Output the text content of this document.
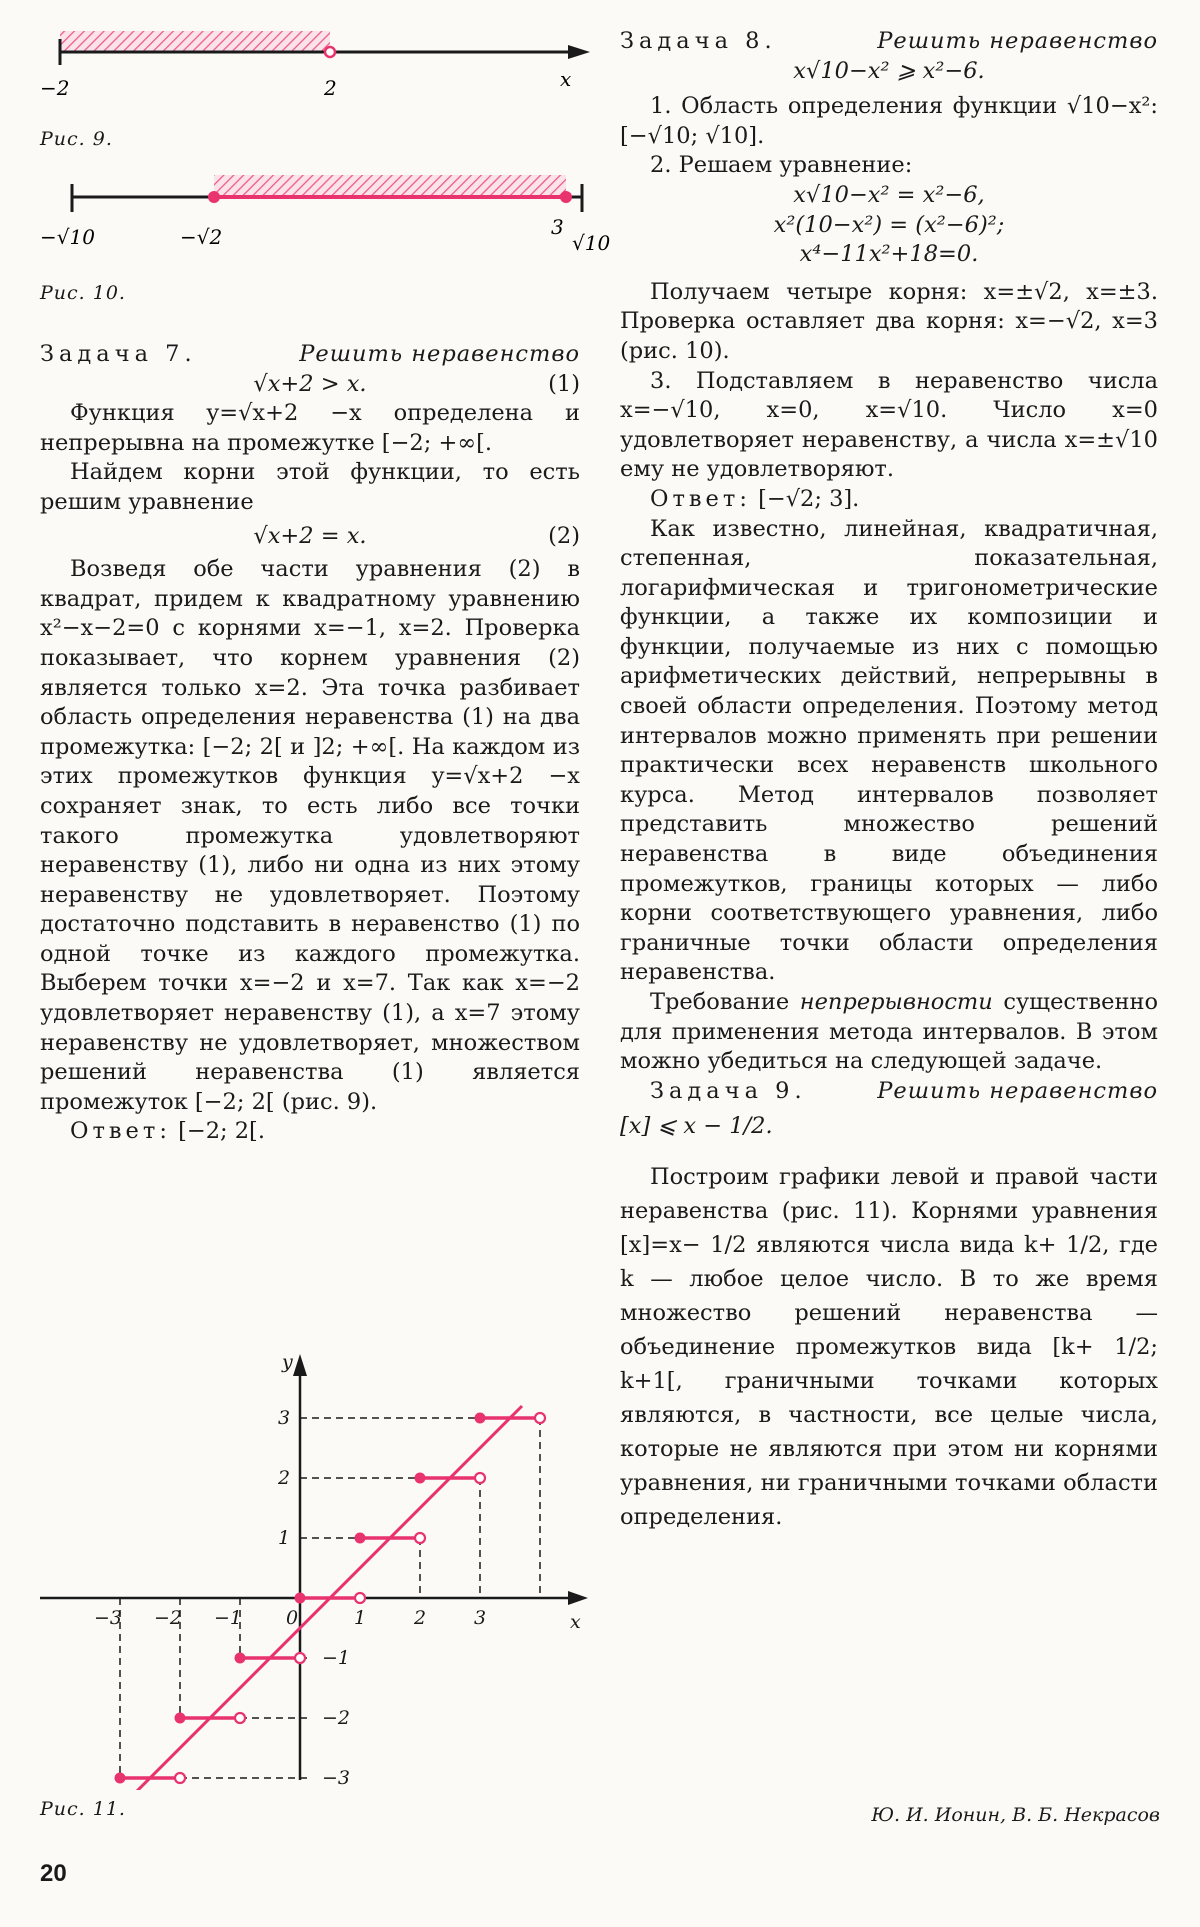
−2	2	x
Рис. 9.
−√10	−√2	3
√10
Рис. 10.

Задача 7.	Решить неравенство

√x+2 > x.	(1)

Функция y=√x+2 −x определена и непрерывна на промежутке [−2; +∞[.

Найдем корни этой функции, то есть решим уравнение

√x+2 = x.	(2)

Возведя обе части уравнения (2) в квадрат, придем к квадратному уравнению x²−x−2=0 с корнями x=−1, x=2. Проверка показывает, что корнем уравнения (2) является только x=2. Эта точка разбивает область определения неравенства (1) на два промежутка: [−2; 2[ и ]2; +∞[. На каждом из этих промежутков функция y=√x+2 −x сохраняет знак, то есть либо все точки такого промежутка удовлетворяют неравенству (1), либо ни одна из них этому неравенству не удовлетворяет. Поэтому достаточно подставить в неравенство (1) по одной точке из каждого промежутка. Выберем точки x=−2 и x=7. Так как x=−2 удовлетворяет неравенству (1), а x=7 этому неравенству не удовлетворяет, множеством решений неравенства (1) является промежуток [−2; 2[ (рис. 9).

Ответ: [−2; 2[.

y
x
0
−3 −2 −1	1	2	3
3
2
1
−1
−2
−3
Рис. 11.

Задача 8.	Решить неравенство

x√10−x² ⩾ x²−6.

1. Область определения функции √10−x²: [−√10; √10].

2. Решаем уравнение:

x√10−x² = x²−6,
x²(10−x²) = (x²−6)²;
x⁴−11x²+18=0.

Получаем четыре корня: x=±√2, x=±3. Проверка оставляет два корня: x=−√2, x=3 (рис. 10).

3. Подставляем в неравенство числа x=−√10, x=0, x=√10. Число x=0 удовлетворяет неравенству, а числа x=±√10 ему не удовлетворяют.

Ответ: [−√2; 3].

Как известно, линейная, квадратичная, степенная, показательная, логарифмическая и тригонометрические функции, а также их композиции и функции, получаемые из них с помощью арифметических действий, непрерывны в своей области определения. Поэтому метод интервалов можно применять при решении практически всех неравенств школьного курса. Метод интервалов позволяет представить множество решений неравенства в виде объединения промежутков, границы которых — либо корни соответствующего уравнения, либо граничные точки области определения неравенства.

Требование непрерывности существенно для применения метода интервалов. В этом можно убедиться на следующей задаче.

Задача 9.	Решить неравенство

[x] ⩽ x − 1/2.

Построим графики левой и правой части неравенства (рис. 11). Корнями уравнения [x]=x− 1/2 являются числа вида k+ 1/2, где k — любое целое число. В то же время множество решений неравенства — объединение промежутков вида [k+ 1/2; k+1[, граничными точками которых являются, в частности, все целые числа, которые не являются при этом ни корнями уравнения, ни граничными точками области определения.

Ю. И. Ионин, В. Б. Некрасов
20
